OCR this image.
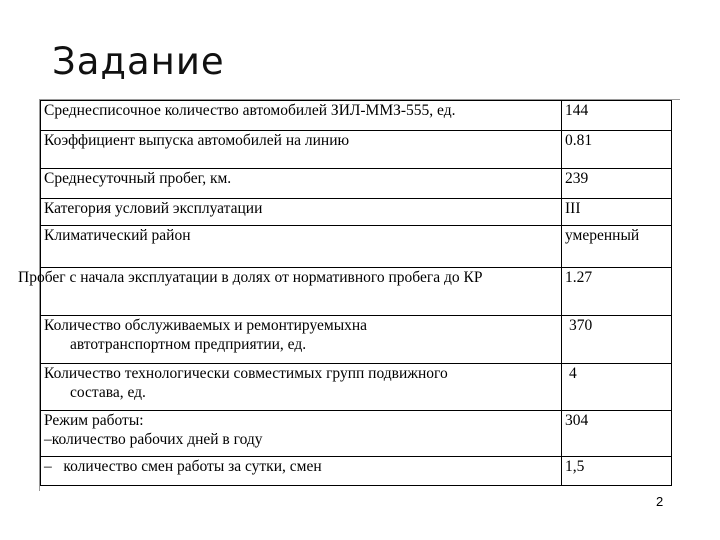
Задание
Среднесписочное количество автомобилей ЗИЛ-ММЗ-555, ед.	144
Коэффициент выпуска автомобилей на линию	0.81
Среднесуточный пробег, км.	239
Категория условий эксплуатации	III
Климатический район	умеренный
Пробег с начала эксплуатации в долях от нормативного пробега до КР	1.27

Количество обслуживаемых и ремонтируемыхна
автотранспортном предприятии, ед.	370

Количество технологически совместимых групп подвижного
состава, ед.	4

Режим работы:
–количество рабочих дней в году	304
–   количество смен работы за сутки, смен	1,5
2
